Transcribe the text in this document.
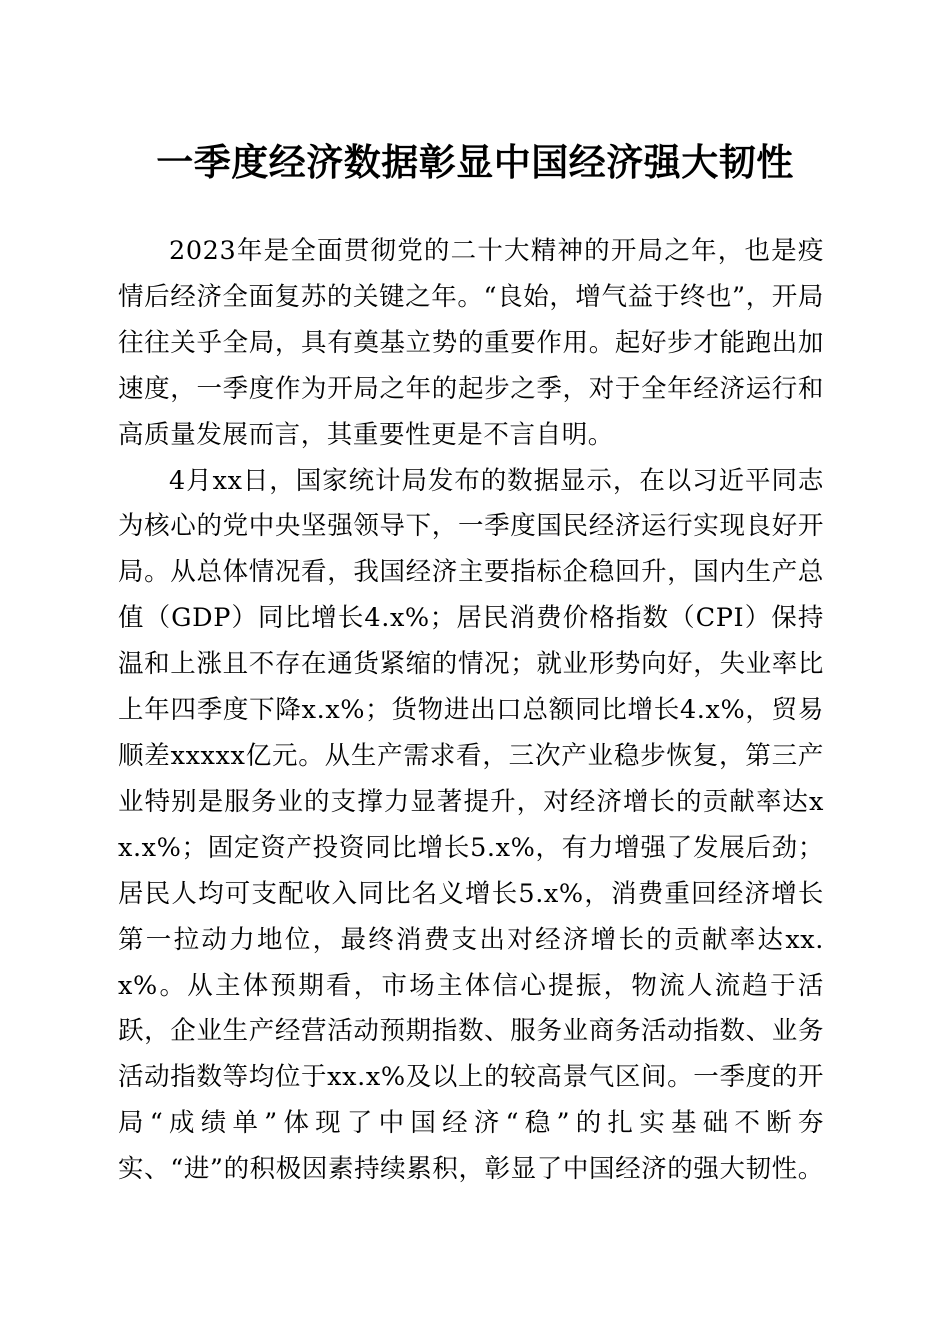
一季度经济数据彰显中国经济强大韧性

2023年是全面贯彻党的二十大精神的开局之年，也是疫情后经济全面复苏的关键之年。“良始，增气益于终也”，开局往往关乎全局，具有奠基立势的重要作用。起好步才能跑出加速度，一季度作为开局之年的起步之季，对于全年经济运行和高质量发展而言，其重要性更是不言自明。

4月xx日，国家统计局发布的数据显示，在以习近平同志为核心的党中央坚强领导下，一季度国民经济运行实现良好开局。从总体情况看，我国经济主要指标企稳回升，国内生产总值（GDP）同比增长4.x%；居民消费价格指数（CPI）保持温和上涨且不存在通货紧缩的情况；就业形势向好，失业率比上年四季度下降x.x%；货物进出口总额同比增长4.x%，贸易顺差xxxxx亿元。从生产需求看，三次产业稳步恢复，第三产业特别是服务业的支撑力显著提升，对经济增长的贡献率达xx.x%；固定资产投资同比增长5.x%，有力增强了发展后劲；居民人均可支配收入同比名义增长5.x%，消费重回经济增长第一拉动力地位，最终消费支出对经济增长的贡献率达xx.x%。从主体预期看，市场主体信心提振，物流人流趋于活跃，企业生产经营活动预期指数、服务业商务活动指数、业务活动指数等均位于xx.x%及以上的较高景气区间。一季度的开局“成绩单”体现了中国经济“稳”的扎实基础不断夯实、“进”的积极因素持续累积，彰显了中国经济的强大韧性。
